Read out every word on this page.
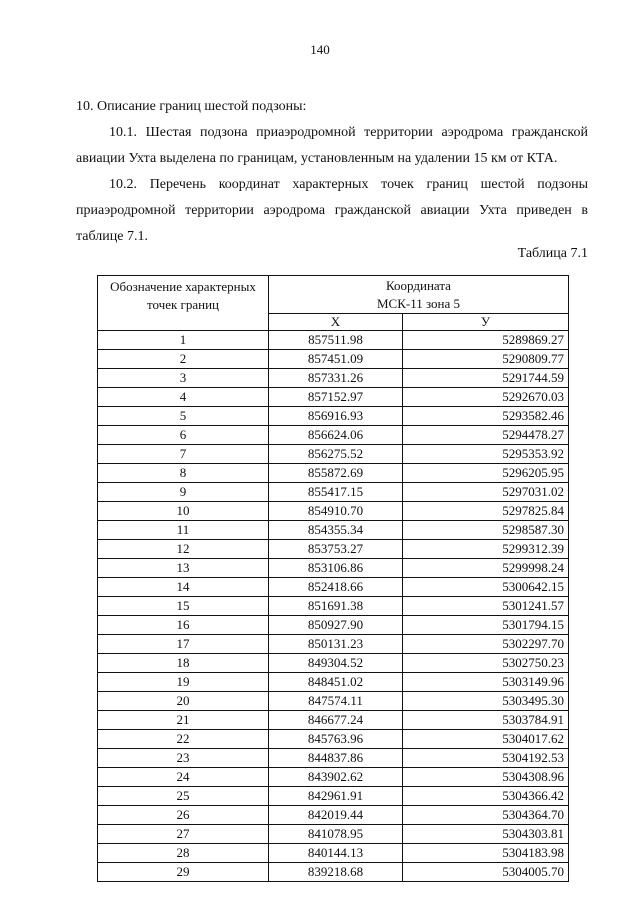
140
10. Описание границ шестой подзоны:
10.1. Шестая подзона приаэродромной территории аэродрома гражданской авиации Ухта выделена по границам, установленным на удалении 15 км от КТА.
10.2. Перечень координат характерных точек границ шестой подзоны приаэродромной территории аэродрома гражданской авиации Ухта приведен в таблице 7.1.
Таблица 7.1
Обозначение характерных точек границ	Координата
МСК-11 зона 5	

	X	У
1	857511.98	5289869.27
2	857451.09	5290809.77
3	857331.26	5291744.59
4	857152.97	5292670.03
5	856916.93	5293582.46
6	856624.06	5294478.27
7	856275.52	5295353.92
8	855872.69	5296205.95
9	855417.15	5297031.02
10	854910.70	5297825.84
11	854355.34	5298587.30
12	853753.27	5299312.39
13	853106.86	5299998.24
14	852418.66	5300642.15
15	851691.38	5301241.57
16	850927.90	5301794.15
17	850131.23	5302297.70
18	849304.52	5302750.23
19	848451.02	5303149.96
20	847574.11	5303495.30
21	846677.24	5303784.91
22	845763.96	5304017.62
23	844837.86	5304192.53
24	843902.62	5304308.96
25	842961.91	5304366.42
26	842019.44	5304364.70
27	841078.95	5304303.81
28	840144.13	5304183.98
29	839218.68	5304005.70
